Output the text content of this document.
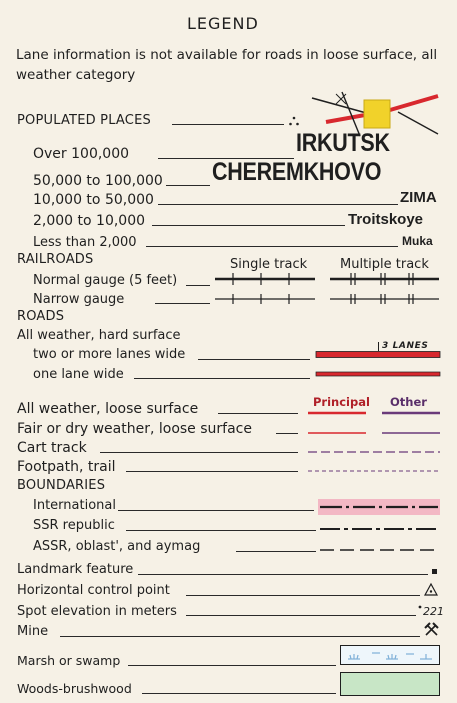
LEGEND
Lane information is not available for roads in loose surface, all weather category
POPULATED PLACES
Over 100,000	IRKUTSK
50,000 to 100,000 CHEREMKHOVO
10,000 to 50,000	ZIMA
2,000 to 10,000	Troitskoye
Less than 2,000	Muka
RAILROADS	Single track	Multiple track
Normal gauge (5 feet)
Narrow gauge
ROADS
All weather, hard surface
two or more lanes wide
3 LANES
one lane wide
Principal Other
All weather, loose surface
Fair or dry weather, loose surface
Cart track
Footpath, trail
BOUNDARIES
International
SSR republic
ASSR, oblast', and aymag
Landmark feature
Horizontal control point
Spot elevation in meters	221
Mine
Marsh or swamp
Woods-brushwood
